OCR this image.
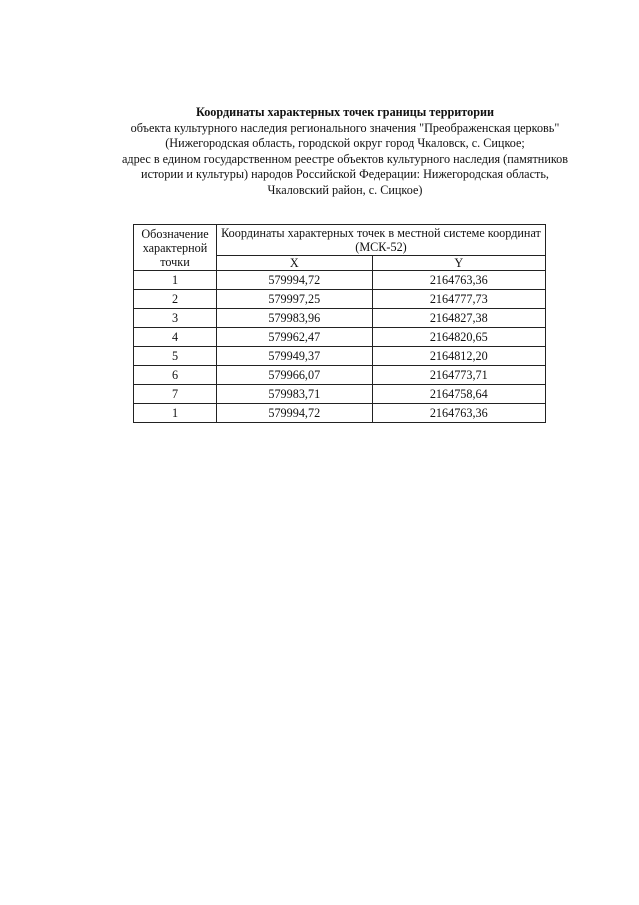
Координаты характерных точек границы территории
объекта культурного наследия регионального значения "Преображенская церковь"
(Нижегородская область, городской округ город Чкаловск, с. Сицкое;
адрес в едином государственном реестре объектов культурного наследия (памятников
истории и культуры) народов Российской Федерации: Нижегородская область,
Чкаловский район, с. Сицкое)
Обозначение характерной точки	Координаты характерных точек в местной системе координат (МСК-52)	
	X	Y
1	579994,72	2164763,36
2	579997,25	2164777,73
3	579983,96	2164827,38
4	579962,47	2164820,65
5	579949,37	2164812,20
6	579966,07	2164773,71
7	579983,71	2164758,64
1	579994,72	2164763,36
